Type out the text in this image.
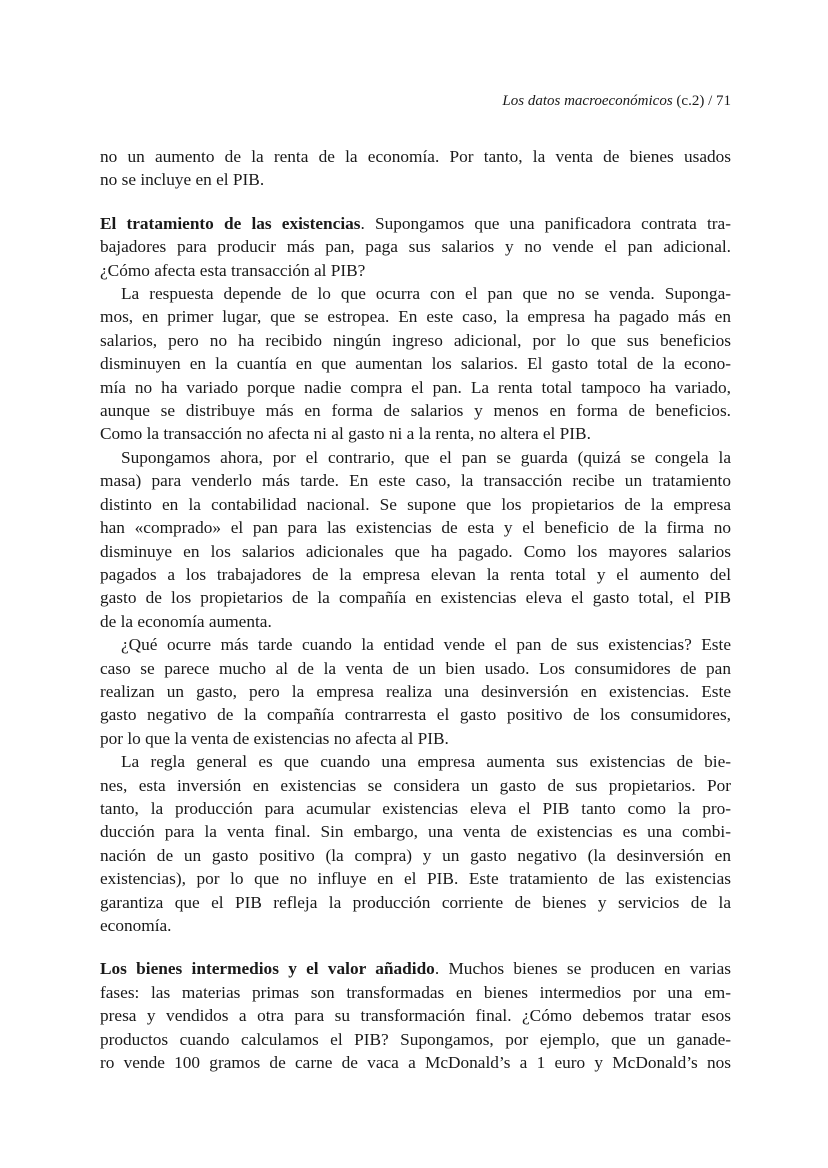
Los datos macroeconómicos (c.2) / 71
no un aumento de la renta de la economía. Por tanto, la venta de bienes usados
no se incluye en el PIB.
El tratamiento de las existencias. Supongamos que una panificadora contrata tra-
bajadores para producir más pan, paga sus salarios y no vende el pan adicional.
¿Cómo afecta esta transacción al PIB?
La respuesta depende de lo que ocurra con el pan que no se venda. Suponga-
mos, en primer lugar, que se estropea. En este caso, la empresa ha pagado más en
salarios, pero no ha recibido ningún ingreso adicional, por lo que sus beneficios
disminuyen en la cuantía en que aumentan los salarios. El gasto total de la econo-
mía no ha variado porque nadie compra el pan. La renta total tampoco ha variado,
aunque se distribuye más en forma de salarios y menos en forma de beneficios.
Como la transacción no afecta ni al gasto ni a la renta, no altera el PIB.
Supongamos ahora, por el contrario, que el pan se guarda (quizá se congela la
masa) para venderlo más tarde. En este caso, la transacción recibe un tratamiento
distinto en la contabilidad nacional. Se supone que los propietarios de la empresa
han «comprado» el pan para las existencias de esta y el beneficio de la firma no
disminuye en los salarios adicionales que ha pagado. Como los mayores salarios
pagados a los trabajadores de la empresa elevan la renta total y el aumento del
gasto de los propietarios de la compañía en existencias eleva el gasto total, el PIB
de la economía aumenta.
¿Qué ocurre más tarde cuando la entidad vende el pan de sus existencias? Este
caso se parece mucho al de la venta de un bien usado. Los consumidores de pan
realizan un gasto, pero la empresa realiza una desinversión en existencias. Este
gasto negativo de la compañía contrarresta el gasto positivo de los consumidores,
por lo que la venta de existencias no afecta al PIB.
La regla general es que cuando una empresa aumenta sus existencias de bie-
nes, esta inversión en existencias se considera un gasto de sus propietarios. Por
tanto, la producción para acumular existencias eleva el PIB tanto como la pro-
ducción para la venta final. Sin embargo, una venta de existencias es una combi-
nación de un gasto positivo (la compra) y un gasto negativo (la desinversión en
existencias), por lo que no influye en el PIB. Este tratamiento de las existencias
garantiza que el PIB refleja la producción corriente de bienes y servicios de la
economía.
Los bienes intermedios y el valor añadido. Muchos bienes se producen en varias
fases: las materias primas son transformadas en bienes intermedios por una em-
presa y vendidos a otra para su transformación final. ¿Cómo debemos tratar esos
productos cuando calculamos el PIB? Supongamos, por ejemplo, que un ganade-
ro vende 100 gramos de carne de vaca a McDonald’s a 1 euro y McDonald’s nos
